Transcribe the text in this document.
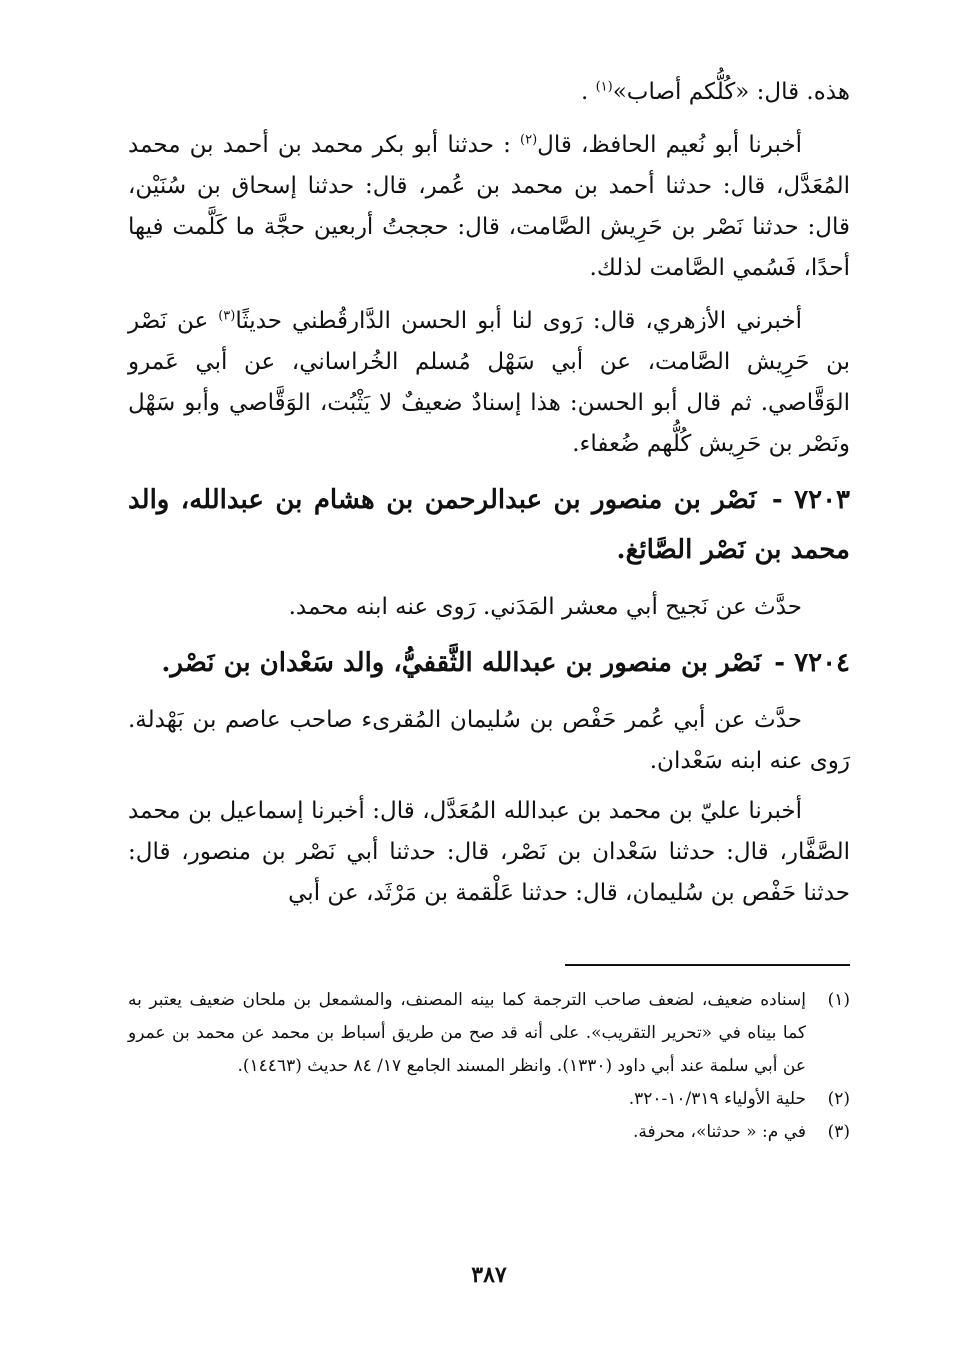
هذه. قال: «كُلُّكم أصاب»$^{(١)}$ .

أخبرنا أبو نُعيم الحافظ، قال$^{(٢)}$ : حدثنا أبو بكر محمد بن أحمد بن محمد المُعَدَّل، قال: حدثنا أحمد بن محمد بن عُمر، قال: حدثنا إسحاق بن سُنَيْن، قال: حدثنا نَصْر بن حَرِيش الصَّامت، قال: حججتُ أربعين حجَّة ما كَلَّمت فيها أحدًا، فَسُمي الصَّامت لذلك.

أخبرني الأزهري، قال: رَوى لنا أبو الحسن الدَّارقُطني حديثًا$^{(٣)}$ عن نَصْر بن حَرِيش الصَّامت، عن أبي سَهْل مُسلم الخُراساني، عن أبي عَمرو الوَقَّاصي. ثم قال أبو الحسن: هذا إسنادٌ ضعيفٌ لا يَثْبُت، الوَقَّاصي وأبو سَهْل ونَصْر بن حَرِيش كُلُّهم ضُعفاء.

٧٢٠٣ - نَصْر بن منصور بن عبدالرحمن بن هشام بن عبدالله، والد محمد بن نَصْر الصَّائغ.

حدَّث عن نَجيح أبي معشر المَدَني. رَوى عنه ابنه محمد.

٧٢٠٤ - نَصْر بن منصور بن عبدالله الثَّقفيُّ، والد سَعْدان بن نَصْر.

حدَّث عن أبي عُمر حَفْص بن سُليمان المُقرىء صاحب عاصم بن بَهْدلة. رَوى عنه ابنه سَعْدان.

أخبرنا عليّ بن محمد بن عبدالله المُعَدَّل، قال: أخبرنا إسماعيل بن محمد الصَّفَّار، قال: حدثنا سَعْدان بن نَصْر، قال: حدثنا أبي نَصْر بن منصور، قال: حدثنا حَفْص بن سُليمان، قال: حدثنا عَلْقمة بن مَرْثَد، عن أبي

(١)
إسناده ضعيف، لضعف صاحب الترجمة كما بينه المصنف، والمشمعل بن ملحان ضعيف يعتبر به كما بيناه في «تحرير التقريب». على أنه قد صح من طريق أسباط بن محمد عن محمد بن عمرو عن أبي سلمة عند أبي داود (١٣٣٠). وانظر المسند الجامع ١٧/ ٨٤ حديث (١٤٤٦٣).
(٢)
حلية الأولياء ١٠/٣١٩-٣٢٠.
(٣)
في م: « حدثنا»، محرفة.
٣٨٧
